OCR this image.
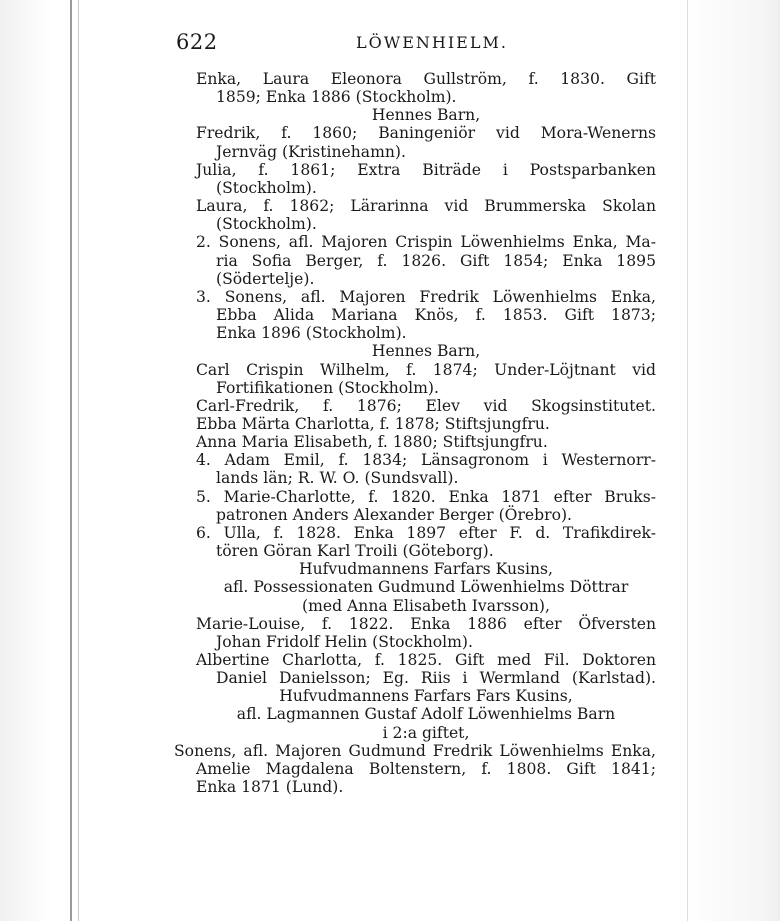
622	LÖWENHIELM.
Enka, Laura Eleonora Gullström, f. 1830. Gift
1859; Enka 1886 (Stockholm).
Hennes Barn,
Fredrik, f. 1860; Baningeniör vid Mora-Wenerns
Jernväg (Kristinehamn).
Julia, f. 1861; Extra Biträde i Postsparbanken
(Stockholm).
Laura, f. 1862; Lärarinna vid Brummerska Skolan
(Stockholm).
2. Sonens, afl. Majoren Crispin Löwenhielms Enka, Ma-
ria Sofia Berger, f. 1826. Gift 1854; Enka 1895
(Södertelje).
3. Sonens, afl. Majoren Fredrik Löwenhielms Enka,
Ebba Alida Mariana Knös, f. 1853. Gift 1873;
Enka 1896 (Stockholm).
Hennes Barn,
Carl Crispin Wilhelm, f. 1874; Under-Löjtnant vid
Fortifikationen (Stockholm).
Carl-Fredrik, f. 1876; Elev vid Skogsinstitutet.
Ebba Märta Charlotta, f. 1878; Stiftsjungfru.
Anna Maria Elisabeth, f. 1880; Stiftsjungfru.
4. Adam Emil, f. 1834; Länsagronom i Westernorr-
lands län; R. W. O. (Sundsvall).
5. Marie-Charlotte, f. 1820. Enka 1871 efter Bruks-
patronen Anders Alexander Berger (Örebro).
6. Ulla, f. 1828. Enka 1897 efter F. d. Trafikdirek-
tören Göran Karl Troili (Göteborg).
Hufvudmannens Farfars Kusins,
afl. Possessionaten Gudmund Löwenhielms Döttrar
(med Anna Elisabeth Ivarsson),
Marie-Louise, f. 1822. Enka 1886 efter Öfversten
Johan Fridolf Helin (Stockholm).
Albertine Charlotta, f. 1825. Gift med Fil. Doktoren
Daniel Danielsson; Eg. Riis i Wermland (Karlstad).
Hufvudmannens Farfars Fars Kusins,
afl. Lagmannen Gustaf Adolf Löwenhielms Barn
i 2:a giftet,
Sonens, afl. Majoren Gudmund Fredrik Löwenhielms Enka,
Amelie Magdalena Boltenstern, f. 1808. Gift 1841;
Enka 1871 (Lund).
